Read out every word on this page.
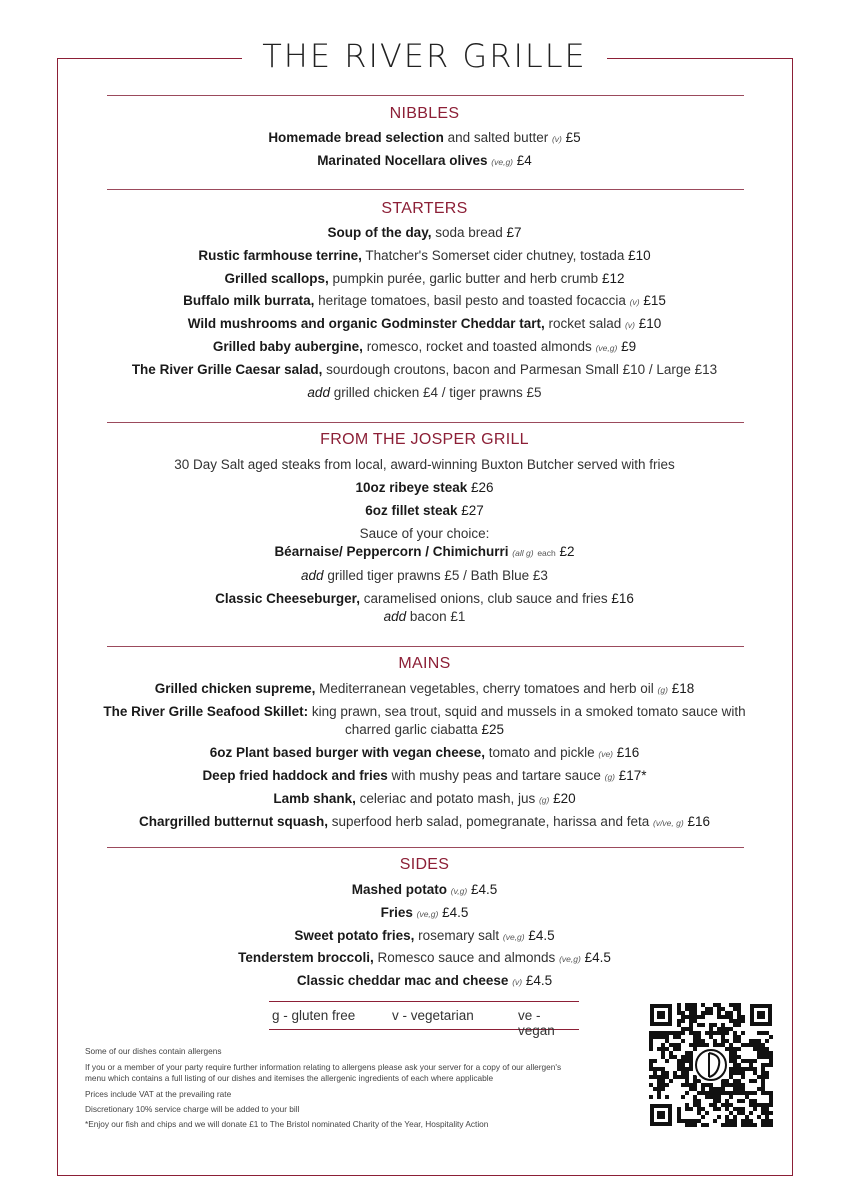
THE RIVER GRILLE
NIBBLES
Homemade bread selection and salted butter (v) £5
Marinated Nocellara olives (ve,g) £4
STARTERS
Soup of the day, soda bread £7
Rustic farmhouse terrine, Thatcher's Somerset cider chutney, tostada £10
Grilled scallops, pumpkin purée, garlic butter and herb crumb £12
Buffalo milk burrata, heritage tomatoes, basil pesto and toasted focaccia (v) £15
Wild mushrooms and organic Godminster Cheddar tart, rocket salad (v) £10
Grilled baby aubergine, romesco, rocket and toasted almonds (ve,g) £9
The River Grille Caesar salad, sourdough croutons, bacon and Parmesan Small £10 / Large £13
add grilled chicken £4 / tiger prawns £5
FROM THE JOSPER GRILL
30 Day Salt aged steaks from local, award-winning Buxton Butcher served with fries
10oz ribeye steak £26
6oz fillet steak £27
Sauce of your choice:
Béarnaise/ Peppercorn / Chimichurri (all g) each £2
add grilled tiger prawns £5 / Bath Blue £3
Classic Cheeseburger, caramelised onions, club sauce and fries £16
add bacon £1
MAINS
Grilled chicken supreme, Mediterranean vegetables, cherry tomatoes and herb oil (g) £18
The River Grille Seafood Skillet: king prawn, sea trout, squid and mussels in a smoked tomato sauce with
charred garlic ciabatta £25
6oz Plant based burger with vegan cheese, tomato and pickle (ve) £16
Deep fried haddock and fries with mushy peas and tartare sauce (g) £17*
Lamb shank, celeriac and potato mash, jus (g) £20
Chargrilled butternut squash, superfood herb salad, pomegranate, harissa and feta (v/ve, g) £16
SIDES
Mashed potato (v,g) £4.5
Fries (ve,g) £4.5
Sweet potato fries, rosemary salt (ve,g) £4.5
Tenderstem broccoli, Romesco sauce and almonds (ve,g) £4.5
Classic cheddar mac and cheese (v) £4.5
g - gluten free	v - vegetarian	ve - vegan
Some of our dishes contain allergens
If you or a member of your party require further information relating to allergens please ask your server for a copy of our allergen's
menu which contains a full listing of our dishes and itemises the allergenic ingredients of each where applicable
Prices include VAT at the prevailing rate
Discretionary 10% service charge will be added to your bill
*Enjoy our fish and chips and we will donate £1 to The Bristol nominated Charity of the Year, Hospitality Action
